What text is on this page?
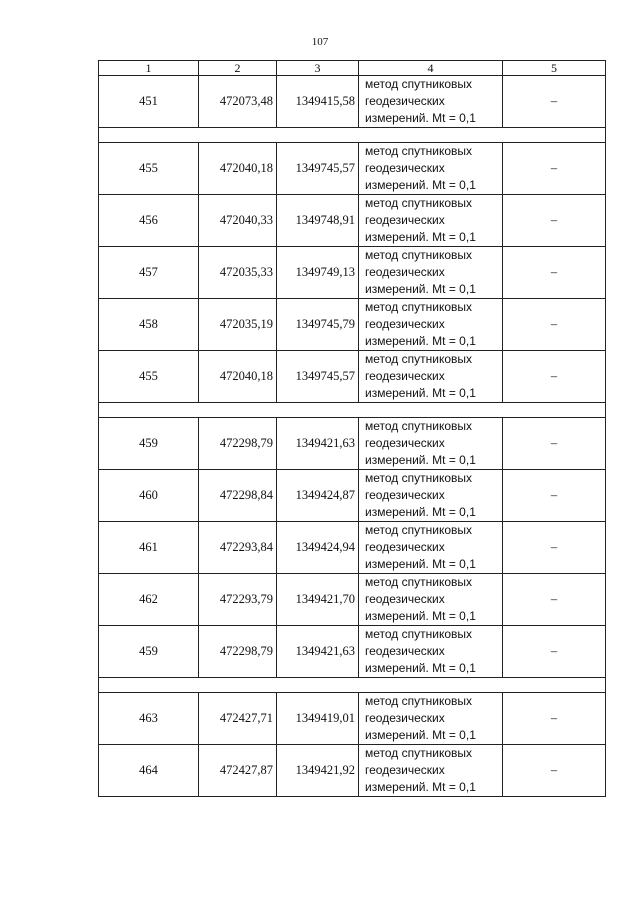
107
1	2	3	4	5
451	472073,48	1349415,58	метод спутниковых
геодезических
измерений. Mt = 0,1	–

455	472040,18	1349745,57	метод спутниковых
геодезических
измерений. Mt = 0,1	–
456	472040,33	1349748,91	метод спутниковых
геодезических
измерений. Mt = 0,1	–
457	472035,33	1349749,13	метод спутниковых
геодезических
измерений. Mt = 0,1	–
458	472035,19	1349745,79	метод спутниковых
геодезических
измерений. Mt = 0,1	–
455	472040,18	1349745,57	метод спутниковых
геодезических
измерений. Mt = 0,1	–

459	472298,79	1349421,63	метод спутниковых
геодезических
измерений. Mt = 0,1	–
460	472298,84	1349424,87	метод спутниковых
геодезических
измерений. Mt = 0,1	–
461	472293,84	1349424,94	метод спутниковых
геодезических
измерений. Mt = 0,1	–
462	472293,79	1349421,70	метод спутниковых
геодезических
измерений. Mt = 0,1	–
459	472298,79	1349421,63	метод спутниковых
геодезических
измерений. Mt = 0,1	–

463	472427,71	1349419,01	метод спутниковых
геодезических
измерений. Mt = 0,1	–
464	472427,87	1349421,92	метод спутниковых
геодезических
измерений. Mt = 0,1	–
